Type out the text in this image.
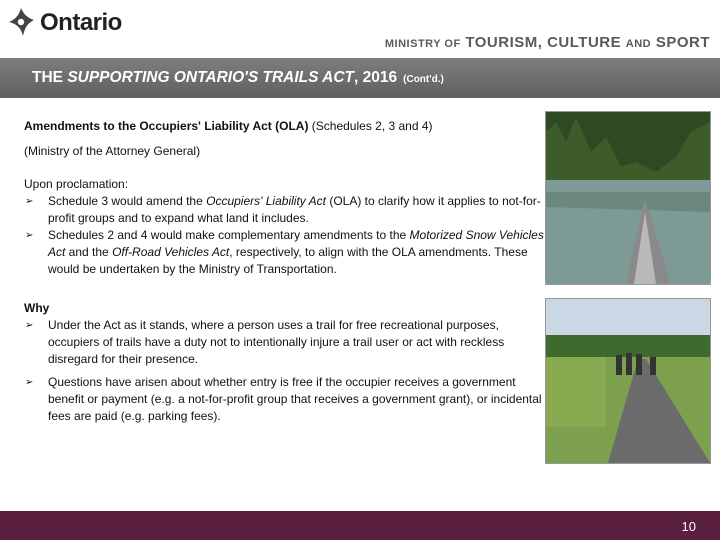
Ontario
MINISTRY OF TOURISM, CULTURE AND SPORT
THE SUPPORTING ONTARIO'S TRAILS ACT, 2016 (Cont'd.)

Amendments to the Occupiers' Liability Act (OLA) (Schedules 2, 3 and 4)

(Ministry of the Attorney General)

Upon proclamation:

➢ Schedule 3 would amend the Occupiers' Liability Act (OLA) to clarify how it applies to not-for-profit groups and to expand what land it includes.
➢ Schedules 2 and 4 would make complementary amendments to the Motorized Snow Vehicles Act and the Off-Road Vehicles Act, respectively, to align with the OLA amendments. These would be undertaken by the Ministry of Transportation.

Why

➢ Under the Act as it stands, where a person uses a trail for free recreational purposes, occupiers of trails have a duty not to intentionally injure a trail user or act with reckless disregard for their presence.
➢ Questions have arisen about whether entry is free if the occupier receives a government benefit or payment (e.g. a not-for-profit group that receives a government grant), or incidental fees are paid (e.g. parking fees).
10
